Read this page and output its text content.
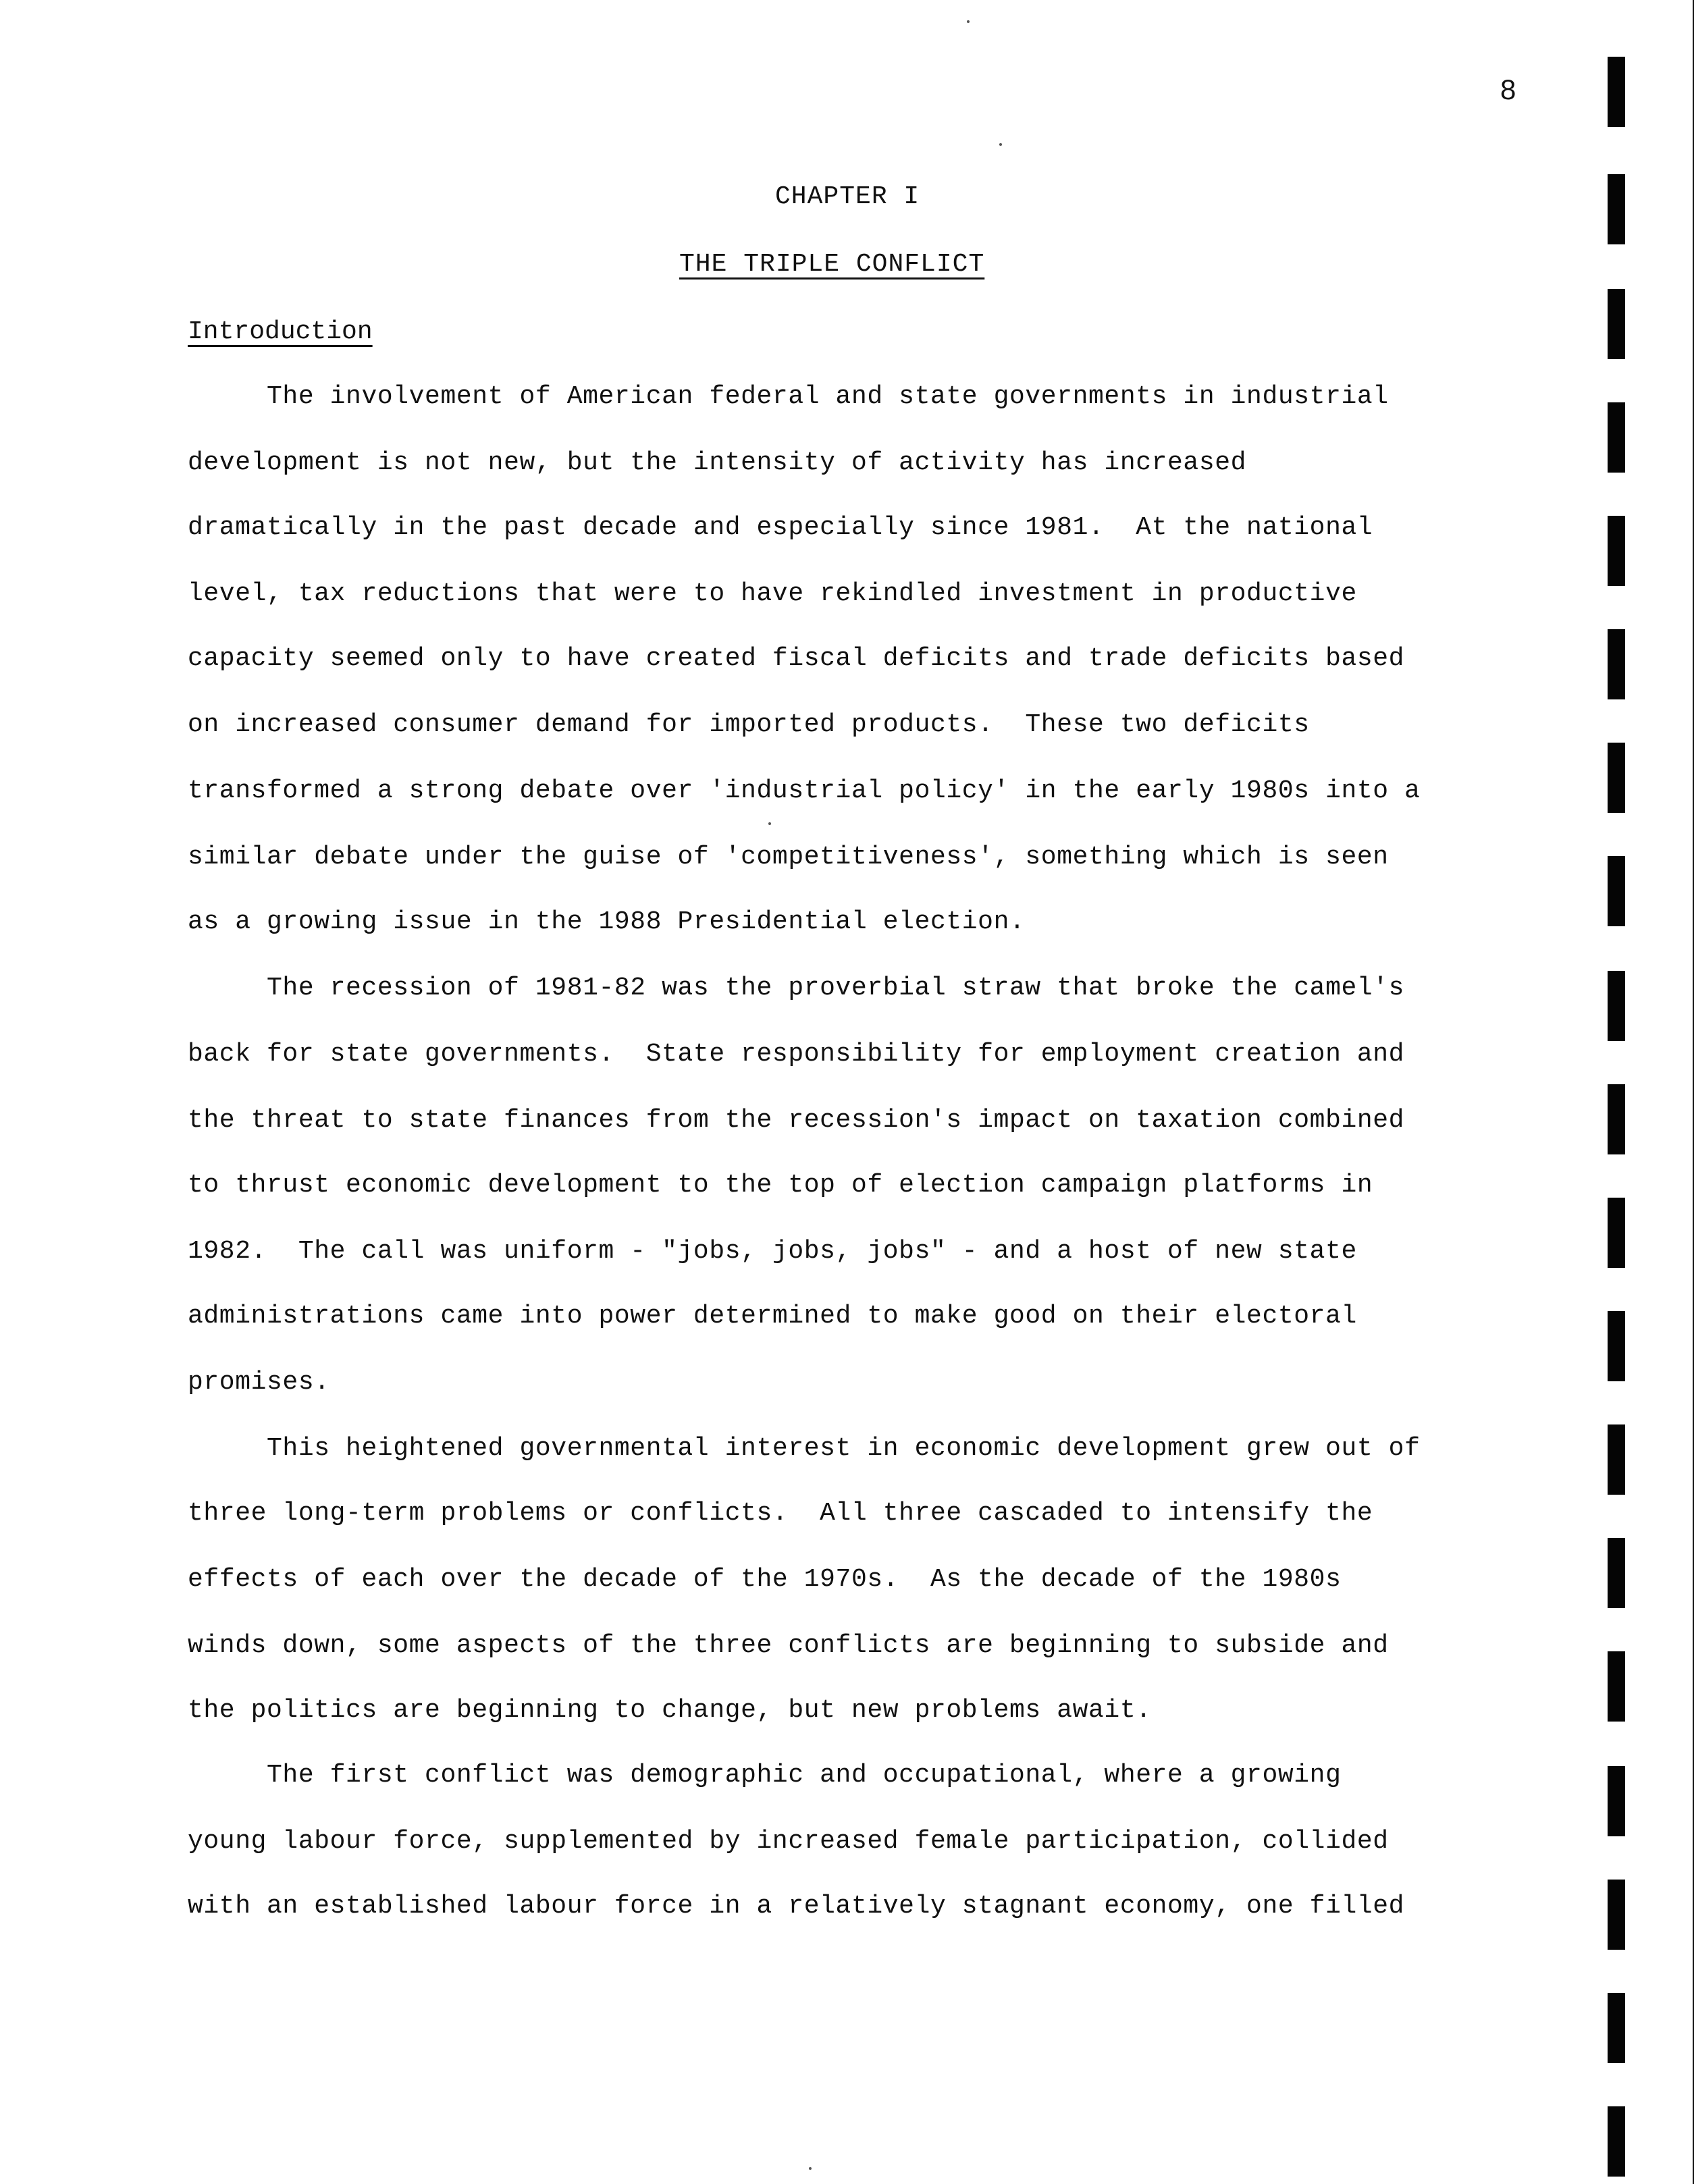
8
CHAPTER I
THE TRIPLE CONFLICT
Introduction
The involvement of American federal and state governments in industrial
development is not new, but the intensity of activity has increased
dramatically in the past decade and especially since 1981.  At the national
level, tax reductions that were to have rekindled investment in productive
capacity seemed only to have created fiscal deficits and trade deficits based
on increased consumer demand for imported products.  These two deficits
transformed a strong debate over 'industrial policy' in the early 1980s into a
similar debate under the guise of 'competitiveness', something which is seen
as a growing issue in the 1988 Presidential election.
The recession of 1981-82 was the proverbial straw that broke the camel's
back for state governments.  State responsibility for employment creation and
the threat to state finances from the recession's impact on taxation combined
to thrust economic development to the top of election campaign platforms in
1982.  The call was uniform - "jobs, jobs, jobs" - and a host of new state
administrations came into power determined to make good on their electoral
promises.
This heightened governmental interest in economic development grew out of
three long-term problems or conflicts.  All three cascaded to intensify the
effects of each over the decade of the 1970s.  As the decade of the 1980s
winds down, some aspects of the three conflicts are beginning to subside and
the politics are beginning to change, but new problems await.
The first conflict was demographic and occupational, where a growing
young labour force, supplemented by increased female participation, collided
with an established labour force in a relatively stagnant economy, one filled
